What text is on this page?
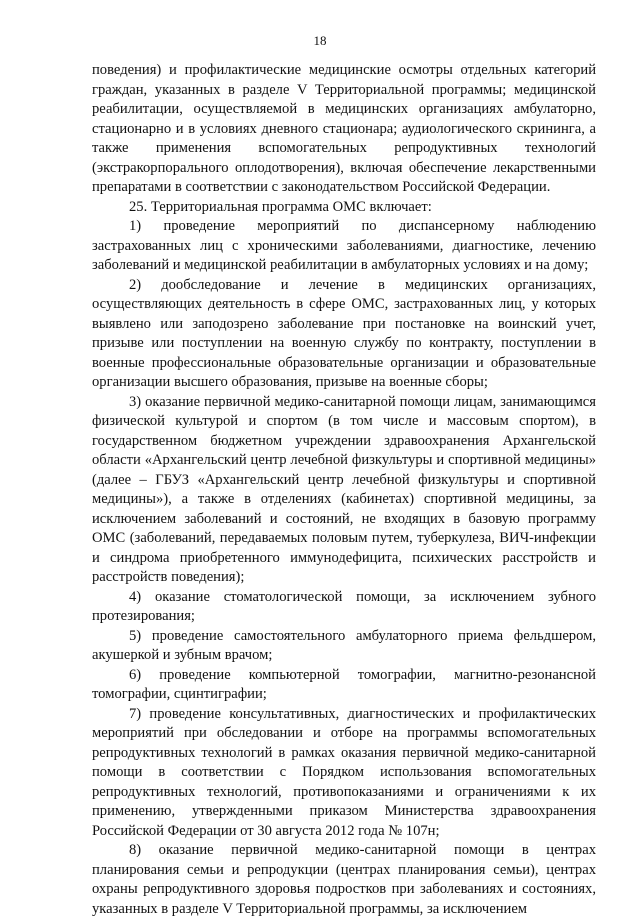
18

поведения) и профилактические медицинские осмотры отдельных категорий граждан, указанных в разделе V Территориальной программы; медицинской реабилитации, осуществляемой в медицинских организациях амбулаторно, стационарно и в условиях дневного стационара; аудиологического скрининга, а также применения вспомогательных репродуктивных технологий (экстракорпорального оплодотворения), включая обеспечение лекарственными препаратами в соответствии с законодательством Российской Федерации.

25. Территориальная программа ОМС включает:

1) проведение мероприятий по диспансерному наблюдению застрахованных лиц с хроническими заболеваниями, диагностике, лечению заболеваний и медицинской реабилитации в амбулаторных условиях и на дому;

2) дообследование и лечение в медицинских организациях, осуществляющих деятельность в сфере ОМС, застрахованных лиц, у которых выявлено или заподозрено заболевание при постановке на воинский учет, призыве или поступлении на военную службу по контракту, поступлении в военные профессиональные образовательные организации и образовательные организации высшего образования, призыве на военные сборы;

3) оказание первичной медико-санитарной помощи лицам, занимающимся физической культурой и спортом (в том числе и массовым спортом), в государственном бюджетном учреждении здравоохранения Архангельской области «Архангельский центр лечебной физкультуры и спортивной медицины» (далее – ГБУЗ «Архангельский центр лечебной физкультуры и спортивной медицины»), а также в отделениях (кабинетах) спортивной медицины, за исключением заболеваний и состояний, не входящих в базовую программу ОМС (заболеваний, передаваемых половым путем, туберкулеза, ВИЧ-инфекции и синдрома приобретенного иммунодефицита, психических расстройств и расстройств поведения);

4) оказание стоматологической помощи, за исключением зубного протезирования;

5) проведение самостоятельного амбулаторного приема фельдшером, акушеркой и зубным врачом;

6) проведение компьютерной томографии, магнитно-резонансной томографии, сцинтиграфии;

7) проведение консультативных, диагностических и профилактических мероприятий при обследовании и отборе на программы вспомогательных репродуктивных технологий в рамках оказания первичной медико-санитарной помощи в соответствии с Порядком использования вспомогательных репродуктивных технологий, противопоказаниями и ограничениями к их применению, утвержденными приказом Министерства здравоохранения Российской Федерации от 30 августа 2012 года № 107н;

8) оказание первичной медико-санитарной помощи в центрах планирования семьи и репродукции (центрах планирования семьи), центрах охраны репродуктивного здоровья подростков при заболеваниях и состояниях, указанных в разделе V Территориальной программы, за исключением
